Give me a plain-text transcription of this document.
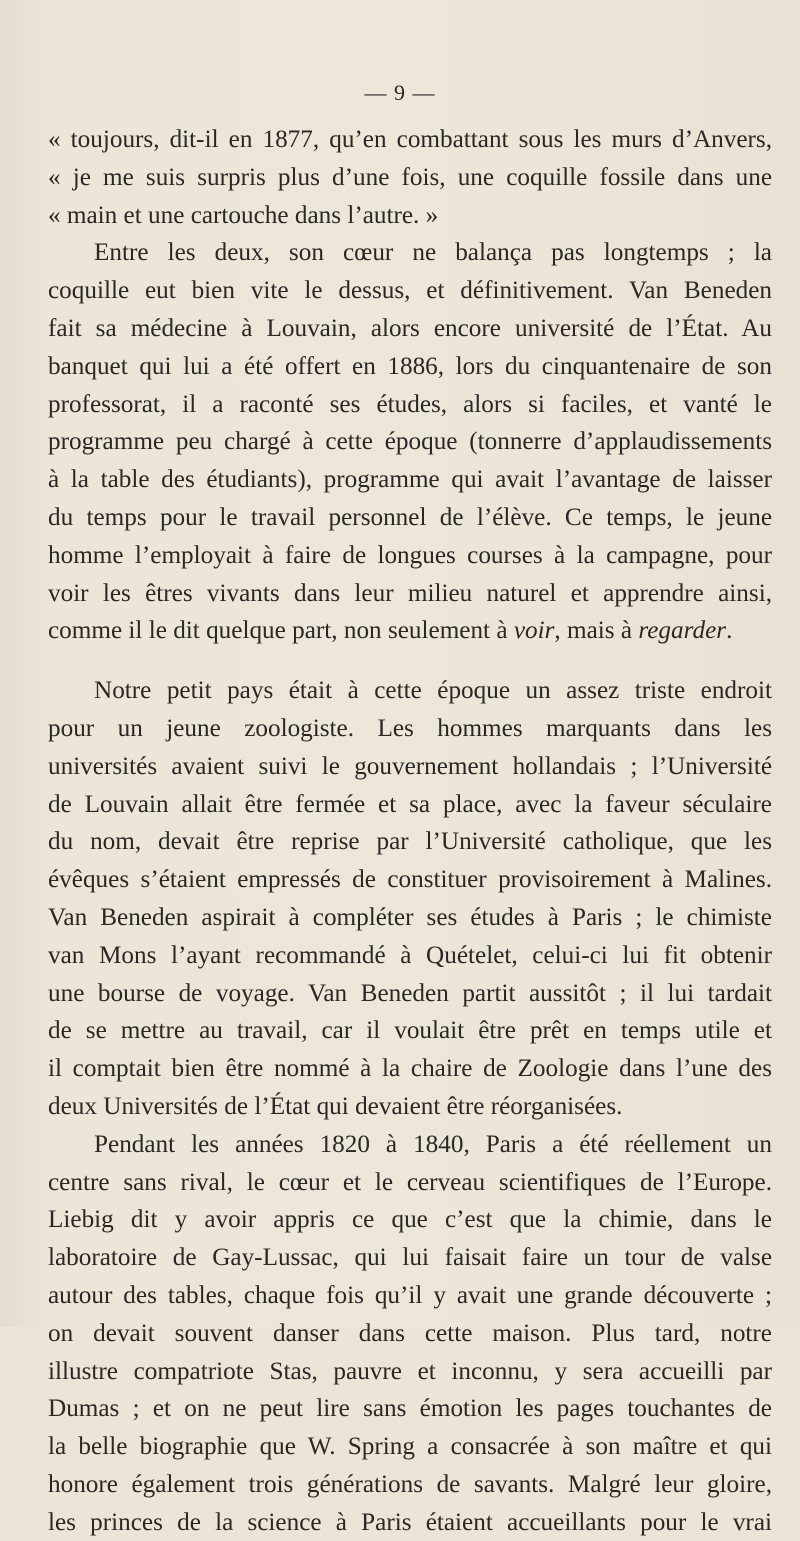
— 9 —
« toujours, dit-il en 1877, qu’en combattant sous les murs d’Anvers,
« je me suis surpris plus d’une fois, une coquille fossile dans une
« main et une cartouche dans l’autre. »
Entre les deux, son cœur ne balança pas longtemps ; la
coquille eut bien vite le dessus, et définitivement. Van Beneden
fait sa médecine à Louvain, alors encore université de l’État. Au
banquet qui lui a été offert en 1886, lors du cinquantenaire de son
professorat, il a raconté ses études, alors si faciles, et vanté le
programme peu chargé à cette époque (tonnerre d’applaudissements
à la table des étudiants), programme qui avait l’avantage de laisser
du temps pour le travail personnel de l’élève. Ce temps, le jeune
homme l’employait à faire de longues courses à la campagne, pour
voir les êtres vivants dans leur milieu naturel et apprendre ainsi,
comme il le dit quelque part, non seulement à voir, mais à regarder.
Notre petit pays était à cette époque un assez triste endroit
pour un jeune zoologiste. Les hommes marquants dans les
universités avaient suivi le gouvernement hollandais ; l’Université
de Louvain allait être fermée et sa place, avec la faveur séculaire
du nom, devait être reprise par l’Université catholique, que les
évêques s’étaient empressés de constituer provisoirement à Malines.
Van Beneden aspirait à compléter ses études à Paris ; le chimiste
van Mons l’ayant recommandé à Quételet, celui-ci lui fit obtenir
une bourse de voyage. Van Beneden partit aussitôt ; il lui tardait
de se mettre au travail, car il voulait être prêt en temps utile et
il comptait bien être nommé à la chaire de Zoologie dans l’une des
deux Universités de l’État qui devaient être réorganisées.
Pendant les années 1820 à 1840, Paris a été réellement un
centre sans rival, le cœur et le cerveau scientifiques de l’Europe.
Liebig dit y avoir appris ce que c’est que la chimie, dans le
laboratoire de Gay-Lussac, qui lui faisait faire un tour de valse
autour des tables, chaque fois qu’il y avait une grande découverte ;
on devait souvent danser dans cette maison. Plus tard, notre
illustre compatriote Stas, pauvre et inconnu, y sera accueilli par
Dumas ; et on ne peut lire sans émotion les pages touchantes de
la belle biographie que W. Spring a consacrée à son maître et qui
honore également trois générations de savants. Malgré leur gloire,
les princes de la science à Paris étaient accueillants pour le vrai
